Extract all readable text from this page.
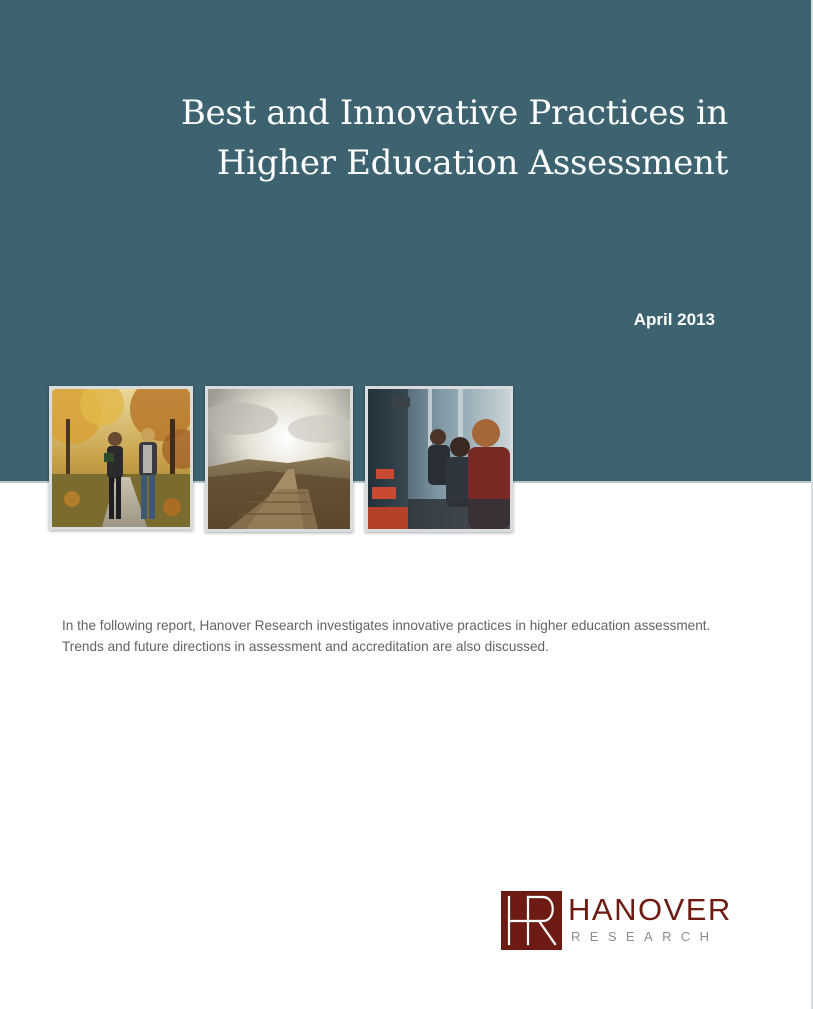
Best and Innovative Practices in
Higher Education Assessment
April 2013

In the following report, Hanover Research investigates innovative practices in higher education assessment.
Trends and future directions in assessment and accreditation are also discussed.

HANOVER
RESEARCH
